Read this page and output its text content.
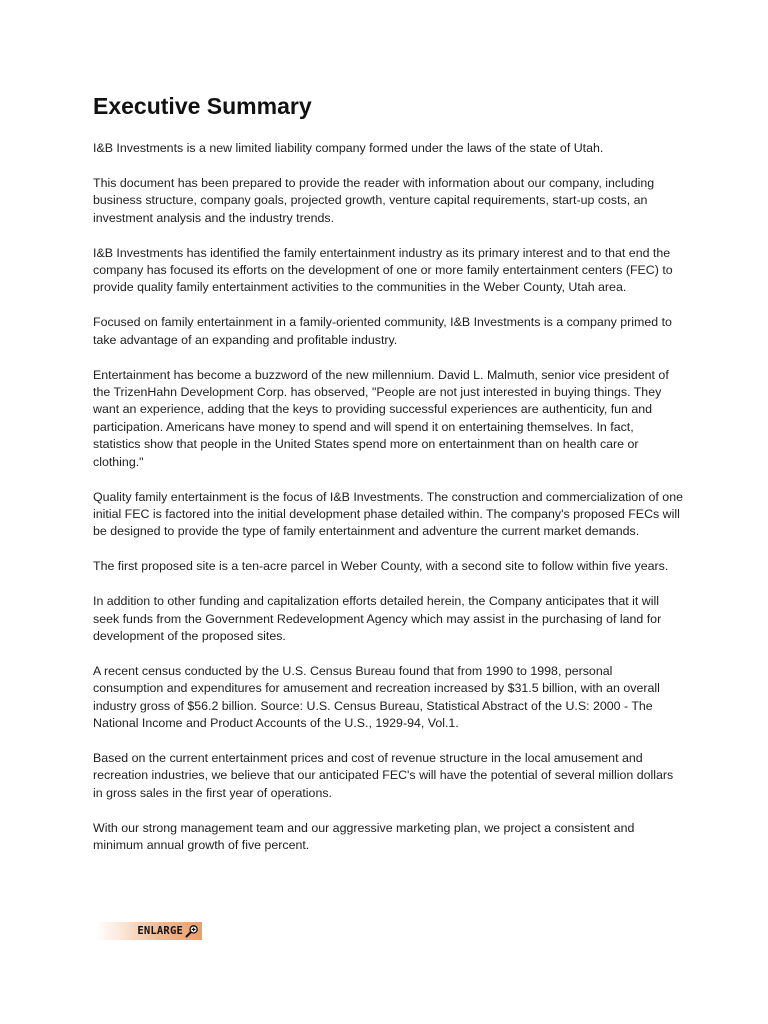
Executive Summary

I&B Investments is a new limited liability company formed under the laws of the state of Utah.

This document has been prepared to provide the reader with information about our company, including business structure, company goals, projected growth, venture capital requirements, start-up costs, an investment analysis and the industry trends.

I&B Investments has identified the family entertainment industry as its primary interest and to that end the company has focused its efforts on the development of one or more family entertainment centers (FEC) to provide quality family entertainment activities to the communities in the Weber County, Utah area.

Focused on family entertainment in a family-oriented community, I&B Investments is a company primed to take advantage of an expanding and profitable industry.

Entertainment has become a buzzword of the new millennium. David L. Malmuth, senior vice president of the TrizenHahn Development Corp. has observed, "People are not just interested in buying things. They want an experience, adding that the keys to providing successful experiences are authenticity, fun and participation. Americans have money to spend and will spend it on entertaining themselves. In fact, statistics show that people in the United States spend more on entertainment than on health care or clothing."

Quality family entertainment is the focus of I&B Investments. The construction and commercialization of one initial FEC is factored into the initial development phase detailed within. The company's proposed FECs will be designed to provide the type of family entertainment and adventure the current market demands.

The first proposed site is a ten-acre parcel in Weber County, with a second site to follow within five years.

In addition to other funding and capitalization efforts detailed herein, the Company anticipates that it will seek funds from the Government Redevelopment Agency which may assist in the purchasing of land for development of the proposed sites.

A recent census conducted by the U.S. Census Bureau found that from 1990 to 1998, personal consumption and expenditures for amusement and recreation increased by $31.5 billion, with an overall industry gross of $56.2 billion. Source: U.S. Census Bureau, Statistical Abstract of the U.S: 2000 - The National Income and Product Accounts of the U.S., 1929-94, Vol.1.

Based on the current entertainment prices and cost of revenue structure in the local amusement and recreation industries, we believe that our anticipated FEC's will have the potential of several million dollars in gross sales in the first year of operations.

With our strong management team and our aggressive marketing plan, we project a consistent and minimum annual growth of five percent.

ENLARGE
